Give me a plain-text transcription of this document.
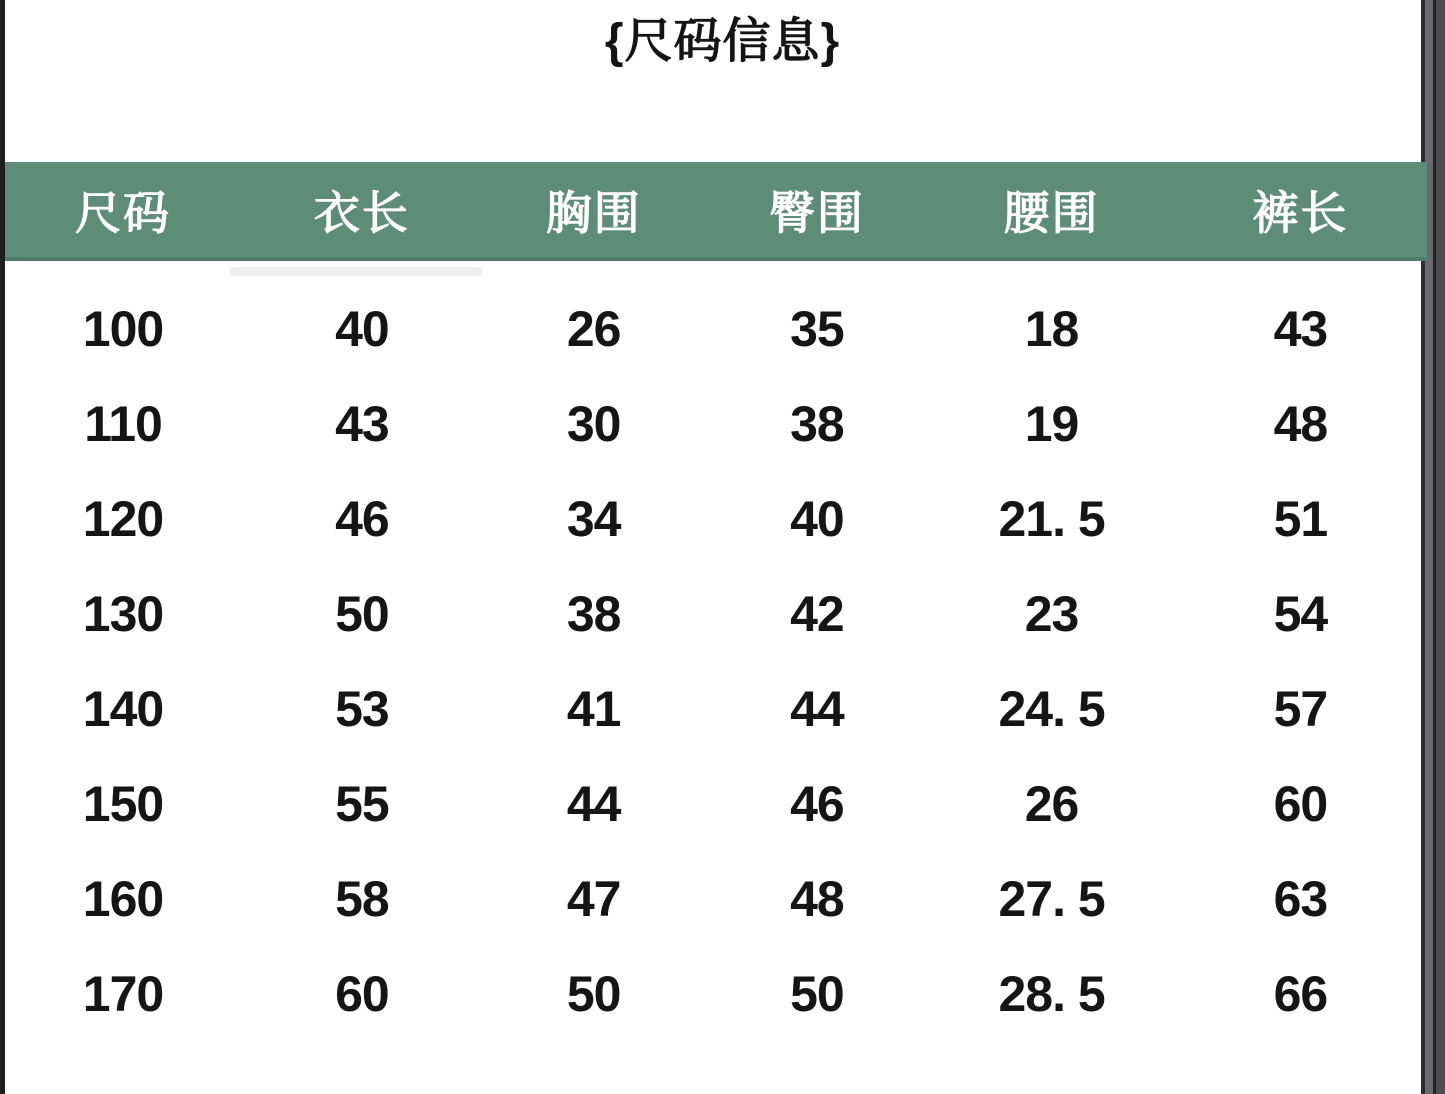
{尺码信息}
尺码	衣长	胸围	臀围	腰围	裤长
100	40	26	35	18	43
110	43	30	38	19	48
120	46	34	40	21. 5	51
130	50	38	42	23	54
140	53	41	44	24. 5	57
150	55	44	46	26	60
160	58	47	48	27. 5	63
170	60	50	50	28. 5	66
